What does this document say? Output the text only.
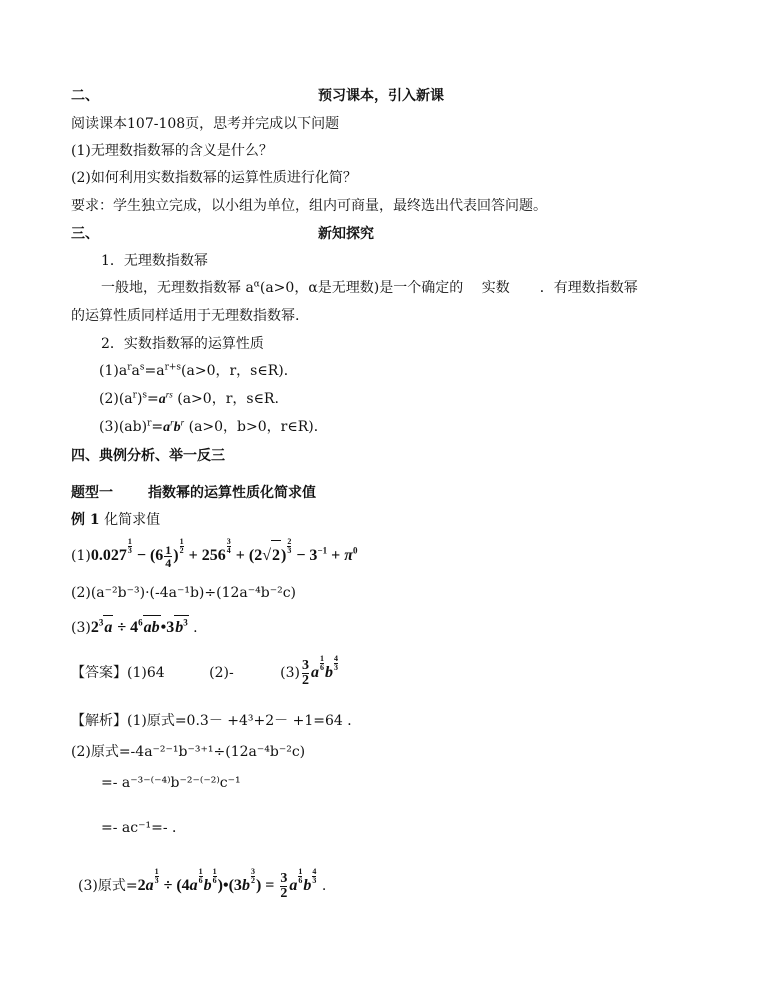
二、	预习课本，引入新课
阅读课本107-108页，思考并完成以下问题
(1)无理数指数幂的含义是什么？
(2)如何利用实数指数幂的运算性质进行化简？
要求：学生独立完成，以小组为单位，组内可商量，最终选出代表回答问题。
三、	新知探究
1．无理数指数幂
一般地，无理数指数幂 $a^\alpha(a>0$，α是无理数)是一个确定的 实数 ．有理数指数幂
的运算性质同样适用于无理数指数幂.
2．实数指数幂的运算性质
$(1)a^ra^s=a^{r+s}(a>0$，r，s∈R)．
$(2)(a^r)^s=a^{rs}$ (a>0，r，s∈R.
$(3)(ab)^r=a^rb^r$ (a>0，b>0，r∈R)．
四、典例分析、举一反三
题型一	指数幂的运算性质化简求值
例 1 化简求值
(1)0.027
$\frac{1}{3}$
− ($6 \frac{1}{4}$ )
$\frac{1}{2}$
+ 256
$\frac{3}{4}$
+ (2√2)
$\frac{2}{3}$
− $3^{-1} + \pi^0$
(2)(a⁻²b⁻³)·(-4a⁻¹b)÷(12a⁻⁴b⁻²c)
$(3)2^3a$ ÷ $4^6ab•3b^3$ .
【答案】(1)64	(2)-	$(3) \frac{3}{2}$ a
$\frac{1}{6}$
b
$\frac{4}{3}$
【解析】(1)原式=0.3－ +4³+2－ +1=64 ．
(2)原式=-4a⁻²⁻¹b⁻³⁺¹÷(12a⁻⁴b⁻²c)
=- a⁻³⁻⁽⁻⁴⁾b⁻²⁻⁽⁻²⁾c⁻¹
=- ac⁻¹=- ．
(3)原式=2a
$\frac{1}{3}$
÷ (4a
$\frac{1}{6}$
b
$\frac{1}{6}$
)•(3b
$\frac{3}{2}$
) = $\frac{3}{2}$ a
$\frac{1}{6}$
b
$\frac{4}{3}$
.
